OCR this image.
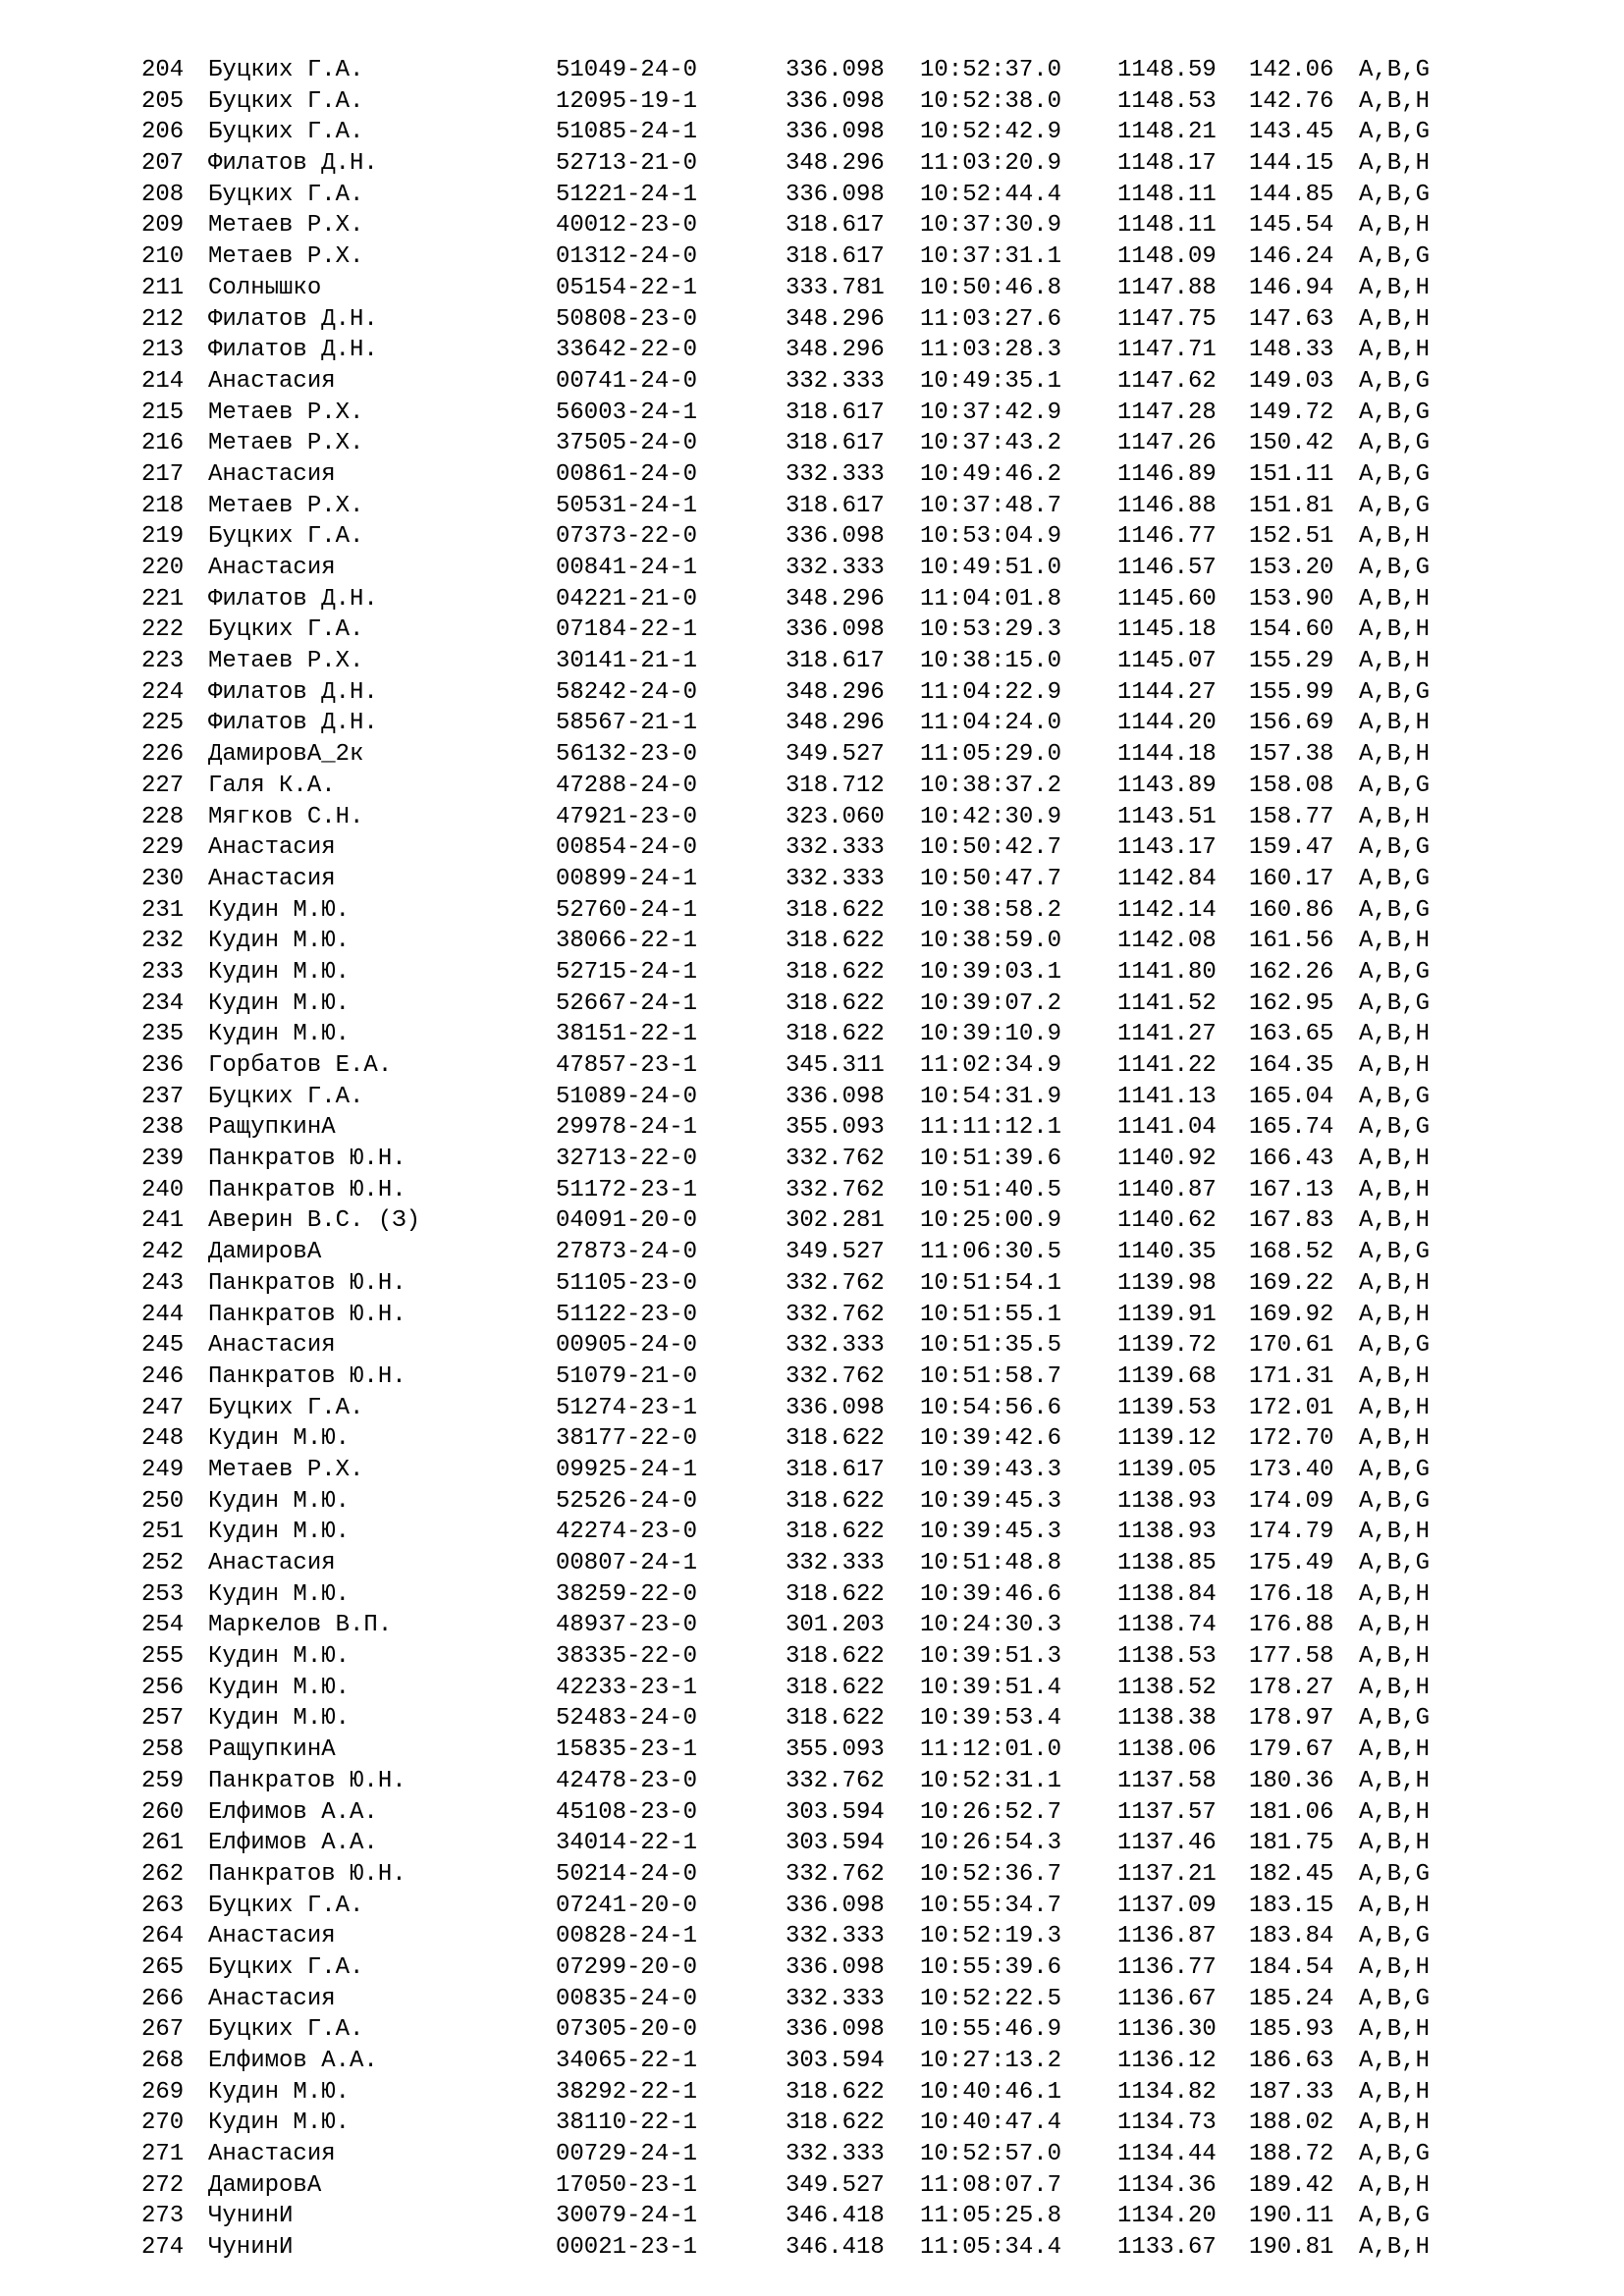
204 Буцких Г.А.	51049-24-0	336.098 10:52:37.0 1148.59 142.06 A,B,G
205 Буцких Г.А.	12095-19-1	336.098 10:52:38.0 1148.53 142.76 A,B,H
206 Буцких Г.А.	51085-24-1	336.098 10:52:42.9 1148.21 143.45 A,B,G
207 Филатов Д.Н.	52713-21-0	348.296 11:03:20.9 1148.17 144.15 A,B,H
208 Буцких Г.А.	51221-24-1	336.098 10:52:44.4 1148.11 144.85 A,B,G
209 Метаев Р.Х.	40012-23-0	318.617 10:37:30.9 1148.11 145.54 A,B,H
210 Метаев Р.Х.	01312-24-0	318.617 10:37:31.1 1148.09 146.24 A,B,G
211 Солнышко	05154-22-1	333.781 10:50:46.8 1147.88 146.94 A,B,H
212 Филатов Д.Н.	50808-23-0	348.296 11:03:27.6 1147.75 147.63 A,B,H
213 Филатов Д.Н.	33642-22-0	348.296 11:03:28.3 1147.71 148.33 A,B,H
214 Анастасия	00741-24-0	332.333 10:49:35.1 1147.62 149.03 A,B,G
215 Метаев Р.Х.	56003-24-1	318.617 10:37:42.9 1147.28 149.72 A,B,G
216 Метаев Р.Х.	37505-24-0	318.617 10:37:43.2 1147.26 150.42 A,B,G
217 Анастасия	00861-24-0	332.333 10:49:46.2 1146.89 151.11 A,B,G
218 Метаев Р.Х.	50531-24-1	318.617 10:37:48.7 1146.88 151.81 A,B,G
219 Буцких Г.А.	07373-22-0	336.098 10:53:04.9 1146.77 152.51 A,B,H
220 Анастасия	00841-24-1	332.333 10:49:51.0 1146.57 153.20 A,B,G
221 Филатов Д.Н.	04221-21-0	348.296 11:04:01.8 1145.60 153.90 A,B,H
222 Буцких Г.А.	07184-22-1	336.098 10:53:29.3 1145.18 154.60 A,B,H
223 Метаев Р.Х.	30141-21-1	318.617 10:38:15.0 1145.07 155.29 A,B,H
224 Филатов Д.Н.	58242-24-0	348.296 11:04:22.9 1144.27 155.99 A,B,G
225 Филатов Д.Н.	58567-21-1	348.296 11:04:24.0 1144.20 156.69 A,B,H
226 ДамировА_2к	56132-23-0	349.527 11:05:29.0 1144.18 157.38 A,B,H
227 Галя К.А.	47288-24-0	318.712 10:38:37.2 1143.89 158.08 A,B,G
228 Мягков С.Н.	47921-23-0	323.060 10:42:30.9 1143.51 158.77 A,B,H
229 Анастасия	00854-24-0	332.333 10:50:42.7 1143.17 159.47 A,B,G
230 Анастасия	00899-24-1	332.333 10:50:47.7 1142.84 160.17 A,B,G
231 Кудин М.Ю.	52760-24-1	318.622 10:38:58.2 1142.14 160.86 A,B,G
232 Кудин М.Ю.	38066-22-1	318.622 10:38:59.0 1142.08 161.56 A,B,H
233 Кудин М.Ю.	52715-24-1	318.622 10:39:03.1 1141.80 162.26 A,B,G
234 Кудин М.Ю.	52667-24-1	318.622 10:39:07.2 1141.52 162.95 A,B,G
235 Кудин М.Ю.	38151-22-1	318.622 10:39:10.9 1141.27 163.65 A,B,H
236 Горбатов Е.А.	47857-23-1	345.311 11:02:34.9 1141.22 164.35 A,B,H
237 Буцких Г.А.	51089-24-0	336.098 10:54:31.9 1141.13 165.04 A,B,G
238 РащупкинА	29978-24-1	355.093 11:11:12.1 1141.04 165.74 A,B,G
239 Панкратов Ю.Н.	32713-22-0	332.762 10:51:39.6 1140.92 166.43 A,B,H
240 Панкратов Ю.Н.	51172-23-1	332.762 10:51:40.5 1140.87 167.13 A,B,H
241 Аверин В.С. (З)	04091-20-0	302.281 10:25:00.9 1140.62 167.83 A,B,H
242 ДамировА	27873-24-0	349.527 11:06:30.5 1140.35 168.52 A,B,G
243 Панкратов Ю.Н.	51105-23-0	332.762 10:51:54.1 1139.98 169.22 A,B,H
244 Панкратов Ю.Н.	51122-23-0	332.762 10:51:55.1 1139.91 169.92 A,B,H
245 Анастасия	00905-24-0	332.333 10:51:35.5 1139.72 170.61 A,B,G
246 Панкратов Ю.Н.	51079-21-0	332.762 10:51:58.7 1139.68 171.31 A,B,H
247 Буцких Г.А.	51274-23-1	336.098 10:54:56.6 1139.53 172.01 A,B,H
248 Кудин М.Ю.	38177-22-0	318.622 10:39:42.6 1139.12 172.70 A,B,H
249 Метаев Р.Х.	09925-24-1	318.617 10:39:43.3 1139.05 173.40 A,B,G
250 Кудин М.Ю.	52526-24-0	318.622 10:39:45.3 1138.93 174.09 A,B,G
251 Кудин М.Ю.	42274-23-0	318.622 10:39:45.3 1138.93 174.79 A,B,H
252 Анастасия	00807-24-1	332.333 10:51:48.8 1138.85 175.49 A,B,G
253 Кудин М.Ю.	38259-22-0	318.622 10:39:46.6 1138.84 176.18 A,B,H
254 Маркелов В.П.	48937-23-0	301.203 10:24:30.3 1138.74 176.88 A,B,H
255 Кудин М.Ю.	38335-22-0	318.622 10:39:51.3 1138.53 177.58 A,B,H
256 Кудин М.Ю.	42233-23-1	318.622 10:39:51.4 1138.52 178.27 A,B,H
257 Кудин М.Ю.	52483-24-0	318.622 10:39:53.4 1138.38 178.97 A,B,G
258 РащупкинА	15835-23-1	355.093 11:12:01.0 1138.06 179.67 A,B,H
259 Панкратов Ю.Н.	42478-23-0	332.762 10:52:31.1 1137.58 180.36 A,B,H
260 Елфимов А.А.	45108-23-0	303.594 10:26:52.7 1137.57 181.06 A,B,H
261 Елфимов А.А.	34014-22-1	303.594 10:26:54.3 1137.46 181.75 A,B,H
262 Панкратов Ю.Н.	50214-24-0	332.762 10:52:36.7 1137.21 182.45 A,B,G
263 Буцких Г.А.	07241-20-0	336.098 10:55:34.7 1137.09 183.15 A,B,H
264 Анастасия	00828-24-1	332.333 10:52:19.3 1136.87 183.84 A,B,G
265 Буцких Г.А.	07299-20-0	336.098 10:55:39.6 1136.77 184.54 A,B,H
266 Анастасия	00835-24-0	332.333 10:52:22.5 1136.67 185.24 A,B,G
267 Буцких Г.А.	07305-20-0	336.098 10:55:46.9 1136.30 185.93 A,B,H
268 Елфимов А.А.	34065-22-1	303.594 10:27:13.2 1136.12 186.63 A,B,H
269 Кудин М.Ю.	38292-22-1	318.622 10:40:46.1 1134.82 187.33 A,B,H
270 Кудин М.Ю.	38110-22-1	318.622 10:40:47.4 1134.73 188.02 A,B,H
271 Анастасия	00729-24-1	332.333 10:52:57.0 1134.44 188.72 A,B,G
272 ДамировА	17050-23-1	349.527 11:08:07.7 1134.36 189.42 A,B,H
273 ЧунинИ	30079-24-1	346.418 11:05:25.8 1134.20 190.11 A,B,G
274 ЧунинИ	00021-23-1	346.418 11:05:34.4 1133.67 190.81 A,B,H
